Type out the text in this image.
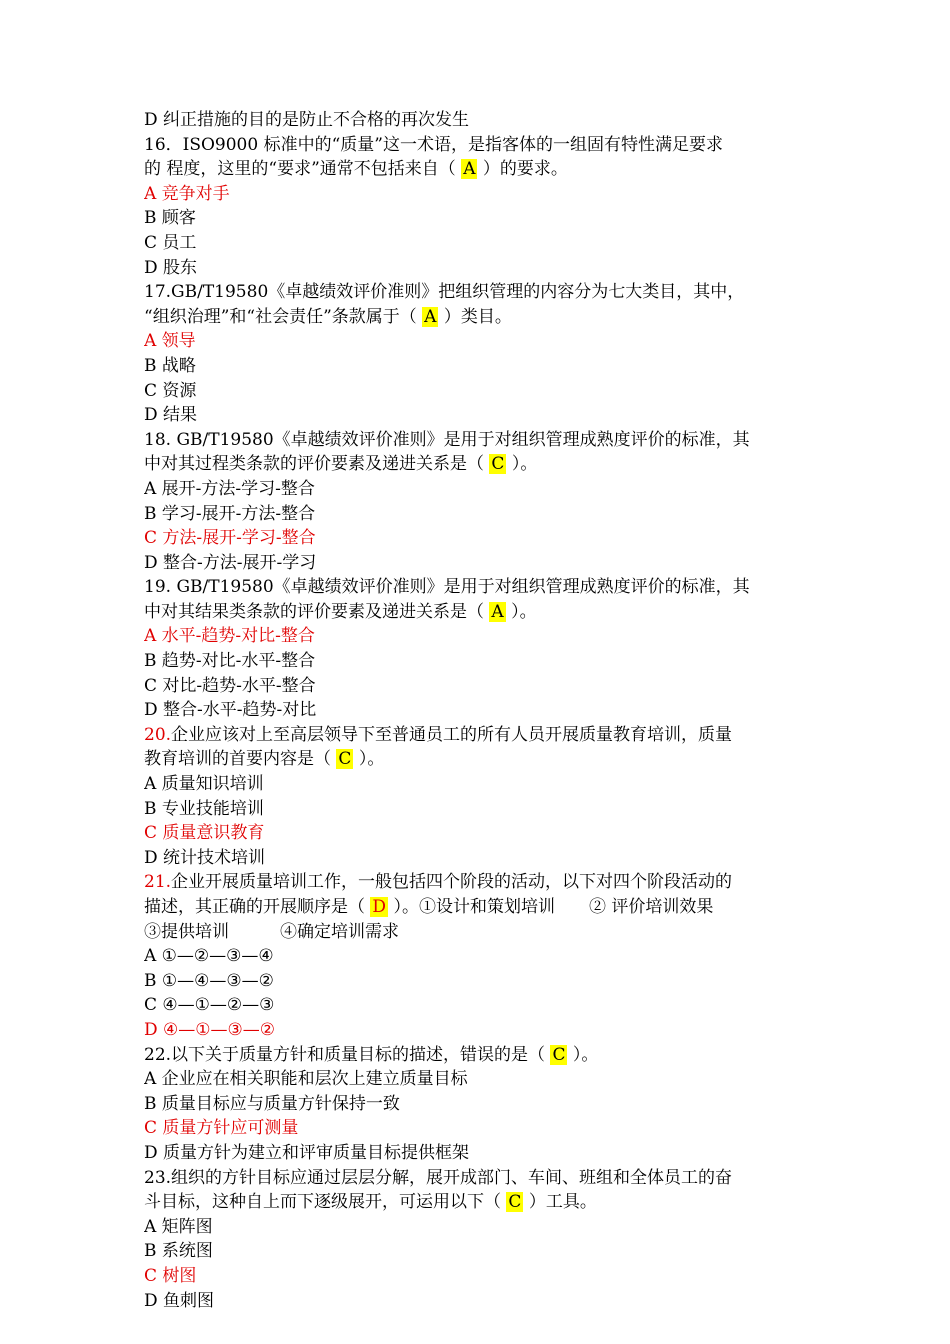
D 纠正措施的目的是防止不合格的再次发生
16．ISO9000 标准中的“质量”这一术语，是指客体的一组固有特性满足要求
的 程度，这里的“要求”通常不包括来自（ A ）的要求。
A 竞争对手
B 顾客
C 员工
D 股东
17.GB/T19580《卓越绩效评价准则》把组织管理的内容分为七大类目，其中，
“组织治理”和“社会责任”条款属于（ A ）类目。
A 领导
B 战略
C 资源
D 结果
18. GB/T19580《卓越绩效评价准则》是用于对组织管理成熟度评价的标准，其
中对其过程类条款的评价要素及递进关系是（ C ）。
A 展开-方法-学习-整合
B 学习-展开-方法-整合
C 方法-展开-学习-整合
D 整合-方法-展开-学习
19. GB/T19580《卓越绩效评价准则》是用于对组织管理成熟度评价的标准，其
中对其结果类条款的评价要素及递进关系是（ A ）。
A 水平-趋势-对比-整合
B 趋势-对比-水平-整合
C 对比-趋势-水平-整合
D 整合-水平-趋势-对比
20.企业应该对上至高层领导下至普通员工的所有人员开展质量教育培训，质量
教育培训的首要内容是（ C ）。
A 质量知识培训
B 专业技能培训
C 质量意识教育
D 统计技术培训
21.企业开展质量培训工作，一般包括四个阶段的活动，以下对四个阶段活动的
描述，其正确的开展顺序是（ D ）。①设计和策划培训　　② 评价培训效果
③提供培训　　　④确定培训需求
A ①—②—③—④
B ①—④—③—②
C ④—①—②—③
D ④—①—③—②
22.以下关于质量方针和质量目标的描述，错误的是（ C ）。
A 企业应在相关职能和层次上建立质量目标
B 质量目标应与质量方针保持一致
C 质量方针应可测量
D 质量方针为建立和评审质量目标提供框架
23.组织的方针目标应通过层层分解，展开成部门、车间、班组和全体员工的奋
斗目标，这种自上而下逐级展开，可运用以下（ C ）工具。
A 矩阵图
B 系统图
C 树图
D 鱼刺图
